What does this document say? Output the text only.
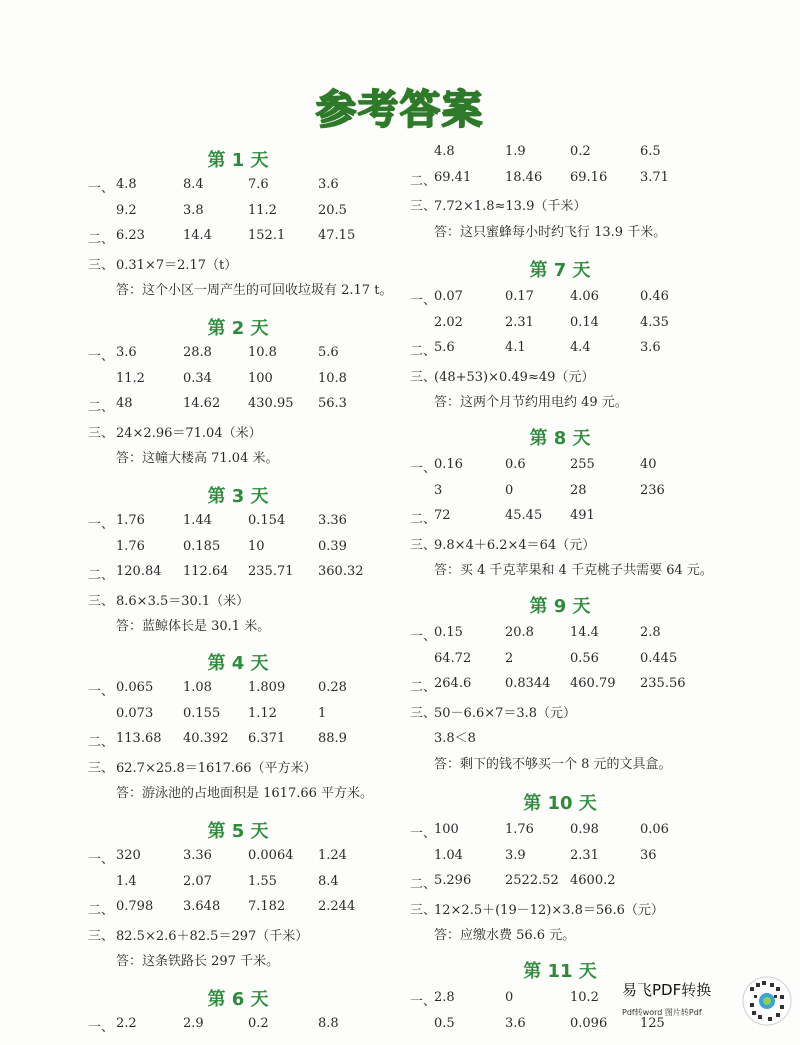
参考答案
第 1 天
一、 4.8	8.4	7.6	3.6
9.2	3.8	11.2	20.5
二、 6.23	14.4	152.1	47.15
三、 0.31×7＝2.17（t）
答：这个小区一周产生的可回收垃圾有 2.17 t。
第 2 天
一、 3.6	28.8	10.8	5.6
11.2	0.34	100	10.8
二、 48	14.62 430.95 56.3
三、 24×2.96＝71.04（米）
答：这幢大楼高 71.04 米。
第 3 天
一、 1.76	1.44	0.154	3.36
1.76	0.185 10	0.39
二、 120.84 112.64 235.71 360.32
三、 8.6×3.5＝30.1（米）
答：蓝鲸体长是 30.1 米。
第 4 天
一、 0.065 1.08	1.809	0.28
0.073 0.155 1.12	1
二、 113.68 40.392 6.371	88.9
三、 62.7×25.8＝1617.66（平方米）
答：游泳池的占地面积是 1617.66 平方米。
第 5 天
一、 320	3.36	0.0064 1.24
1.4	2.07	1.55	8.4
二、 0.798 3.648 7.182	2.244
三、 82.5×2.6＋82.5＝297（千米）
答：这条铁路长 297 千米。
第 6 天
一、 2.2	2.9	0.2	8.8
4.8	1.9	0.2	6.5
二、
69.41	18.46 69.16	3.71
三、
7.72×1.8≈13.9（千米）
答：这只蜜蜂每小时约飞行 13.9 千米。
第 7 天
一、
0.07	0.17	4.06	0.46
2.02	2.31	0.14	4.35
二、
5.6	4.1	4.4	3.6
三、
(48+53)×0.49≈49（元）
答：这两个月节约用电约 49 元。
第 8 天
一、
0.16	0.6	255	40
3	0	28	236
二、
72	45.45 491
三、
9.8×4＋6.2×4＝64（元）
答：买 4 千克苹果和 4 千克桃子共需要 64 元。
第 9 天
一、
0.15	20.8	14.4	2.8
64.72	2	0.56	0.445
二、
264.6	0.8344 460.79 235.56
三、
50－6.6×7＝3.8（元）
3.8＜8
答：剩下的钱不够买一个 8 元的文具盒。
第 10 天
一、
100	1.76	0.98	0.06
1.04	3.9	2.31	36
二、
5.296	2522.52 4600.2
三、
12×2.5＋(19－12)×3.8＝56.6（元）
答：应缴水费 56.6 元。
第 11 天
一、
2.8	0	10.2
0.5	3.6	0.096	125
易飞PDF转换
Pdf转word 图片转Pdf
